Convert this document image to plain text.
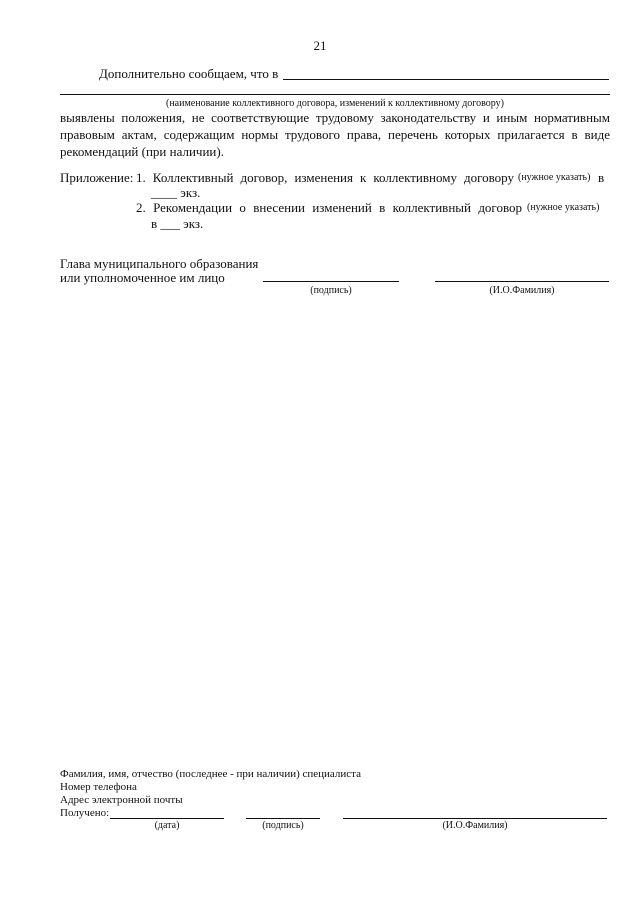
21
Дополнительно сообщаем, что в
(наименование коллективного договора, изменений к коллективному договору)
выявлены положения, не соответствующие трудовому законодательству и иным нормативным
правовым актам, содержащим нормы трудового права, перечень которых прилагается в виде
рекомендаций (при наличии).
Приложение: 1. Коллективный договор, изменения к коллективному договору (нужное указать) в
____ экз.
2. Рекомендации о внесении изменений в коллективный договор (нужное указать)
в ___ экз.
Глава муниципального образования
или уполномоченное им лицо
(подпись)	(И.О.Фамилия)
Фамилия, имя, отчество (последнее - при наличии) специалиста
Номер телефона
Адрес электронной почты
Получено:
(дата)	(подпись)	(И.О.Фамилия)
